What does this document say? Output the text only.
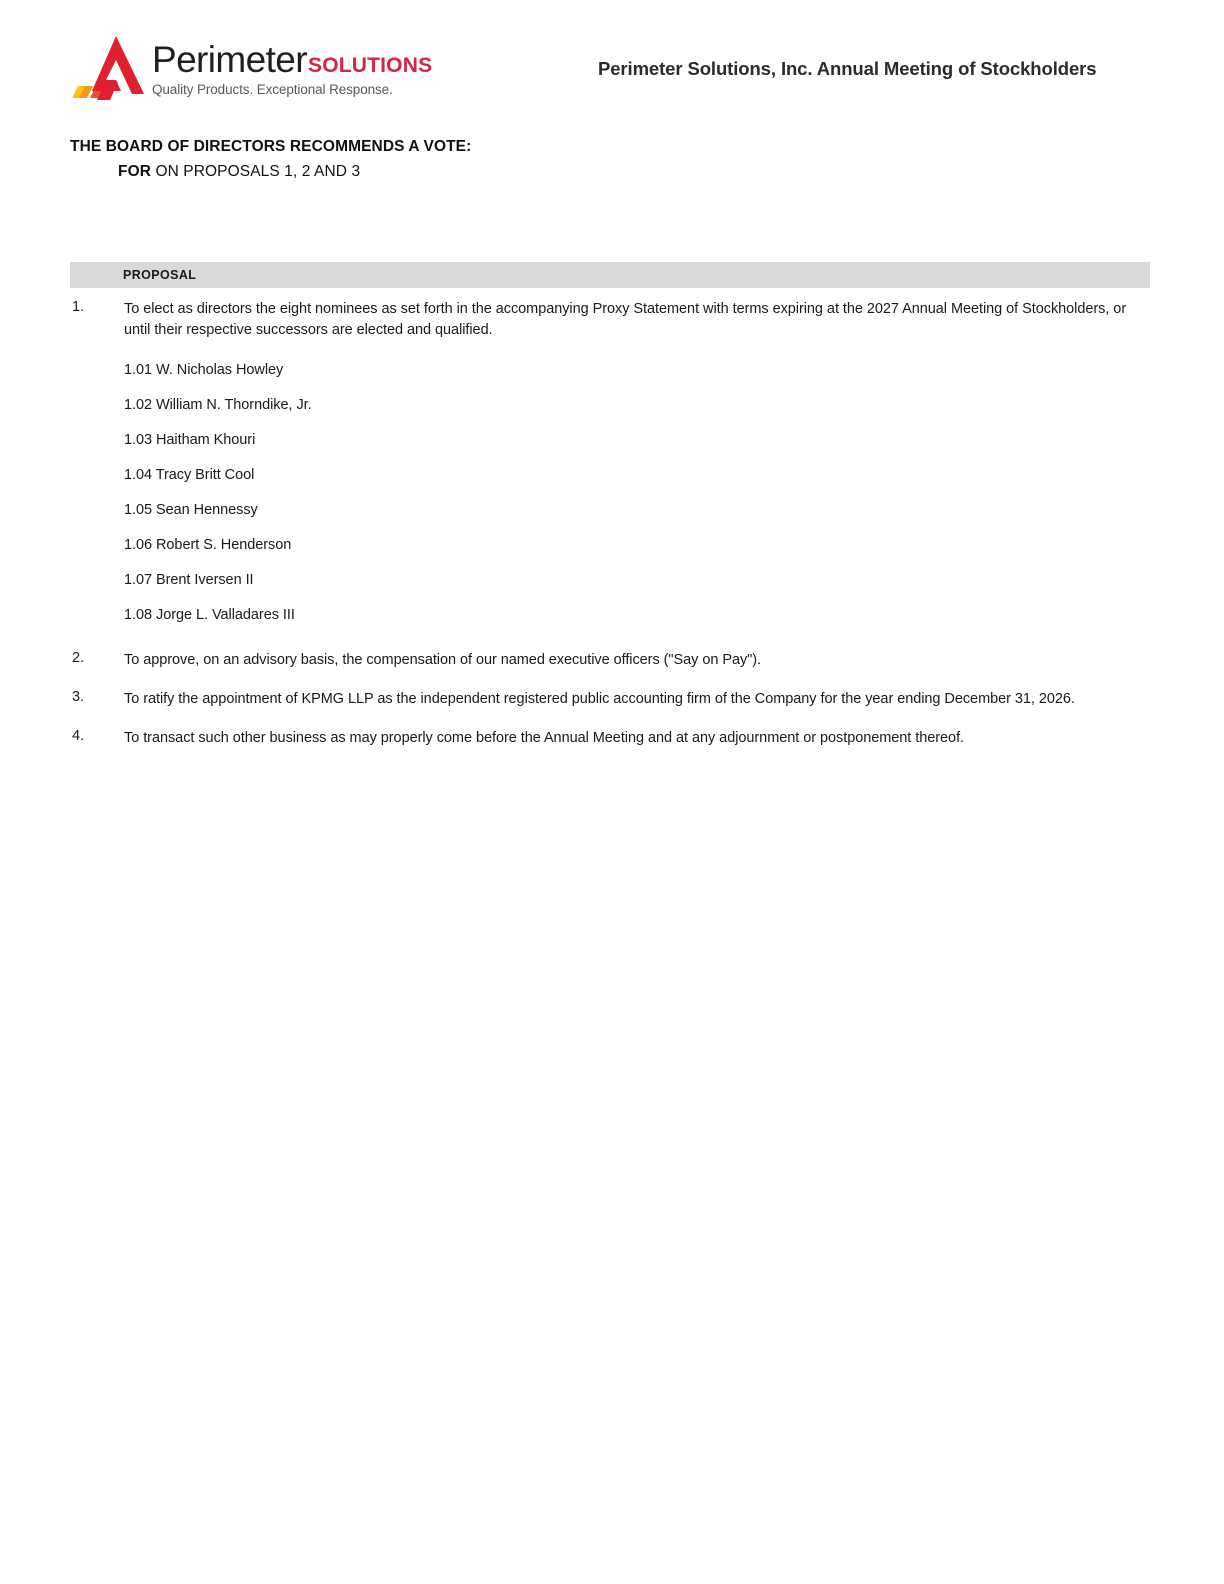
Perimeter SOLUTIONS
Quality Products. Exceptional Response.
Perimeter Solutions, Inc. Annual Meeting of Stockholders
THE BOARD OF DIRECTORS RECOMMENDS A VOTE:
FOR ON PROPOSALS 1, 2 AND 3
PROPOSAL
1.	To elect as directors the eight nominees as set forth in the accompanying Proxy Statement with terms expiring at the 2027 Annual Meeting of Stockholders, or until their respective successors are elected and qualified.
1.01 W. Nicholas Howley
1.02 William N. Thorndike, Jr.
1.03 Haitham Khouri
1.04 Tracy Britt Cool
1.05 Sean Hennessy
1.06 Robert S. Henderson
1.07 Brent Iversen II
1.08 Jorge L. Valladares III
2.	To approve, on an advisory basis, the compensation of our named executive officers ("Say on Pay").
3.	To ratify the appointment of KPMG LLP as the independent registered public accounting firm of the Company for the year ending December 31, 2026.
4.	To transact such other business as may properly come before the Annual Meeting and at any adjournment or postponement thereof.
